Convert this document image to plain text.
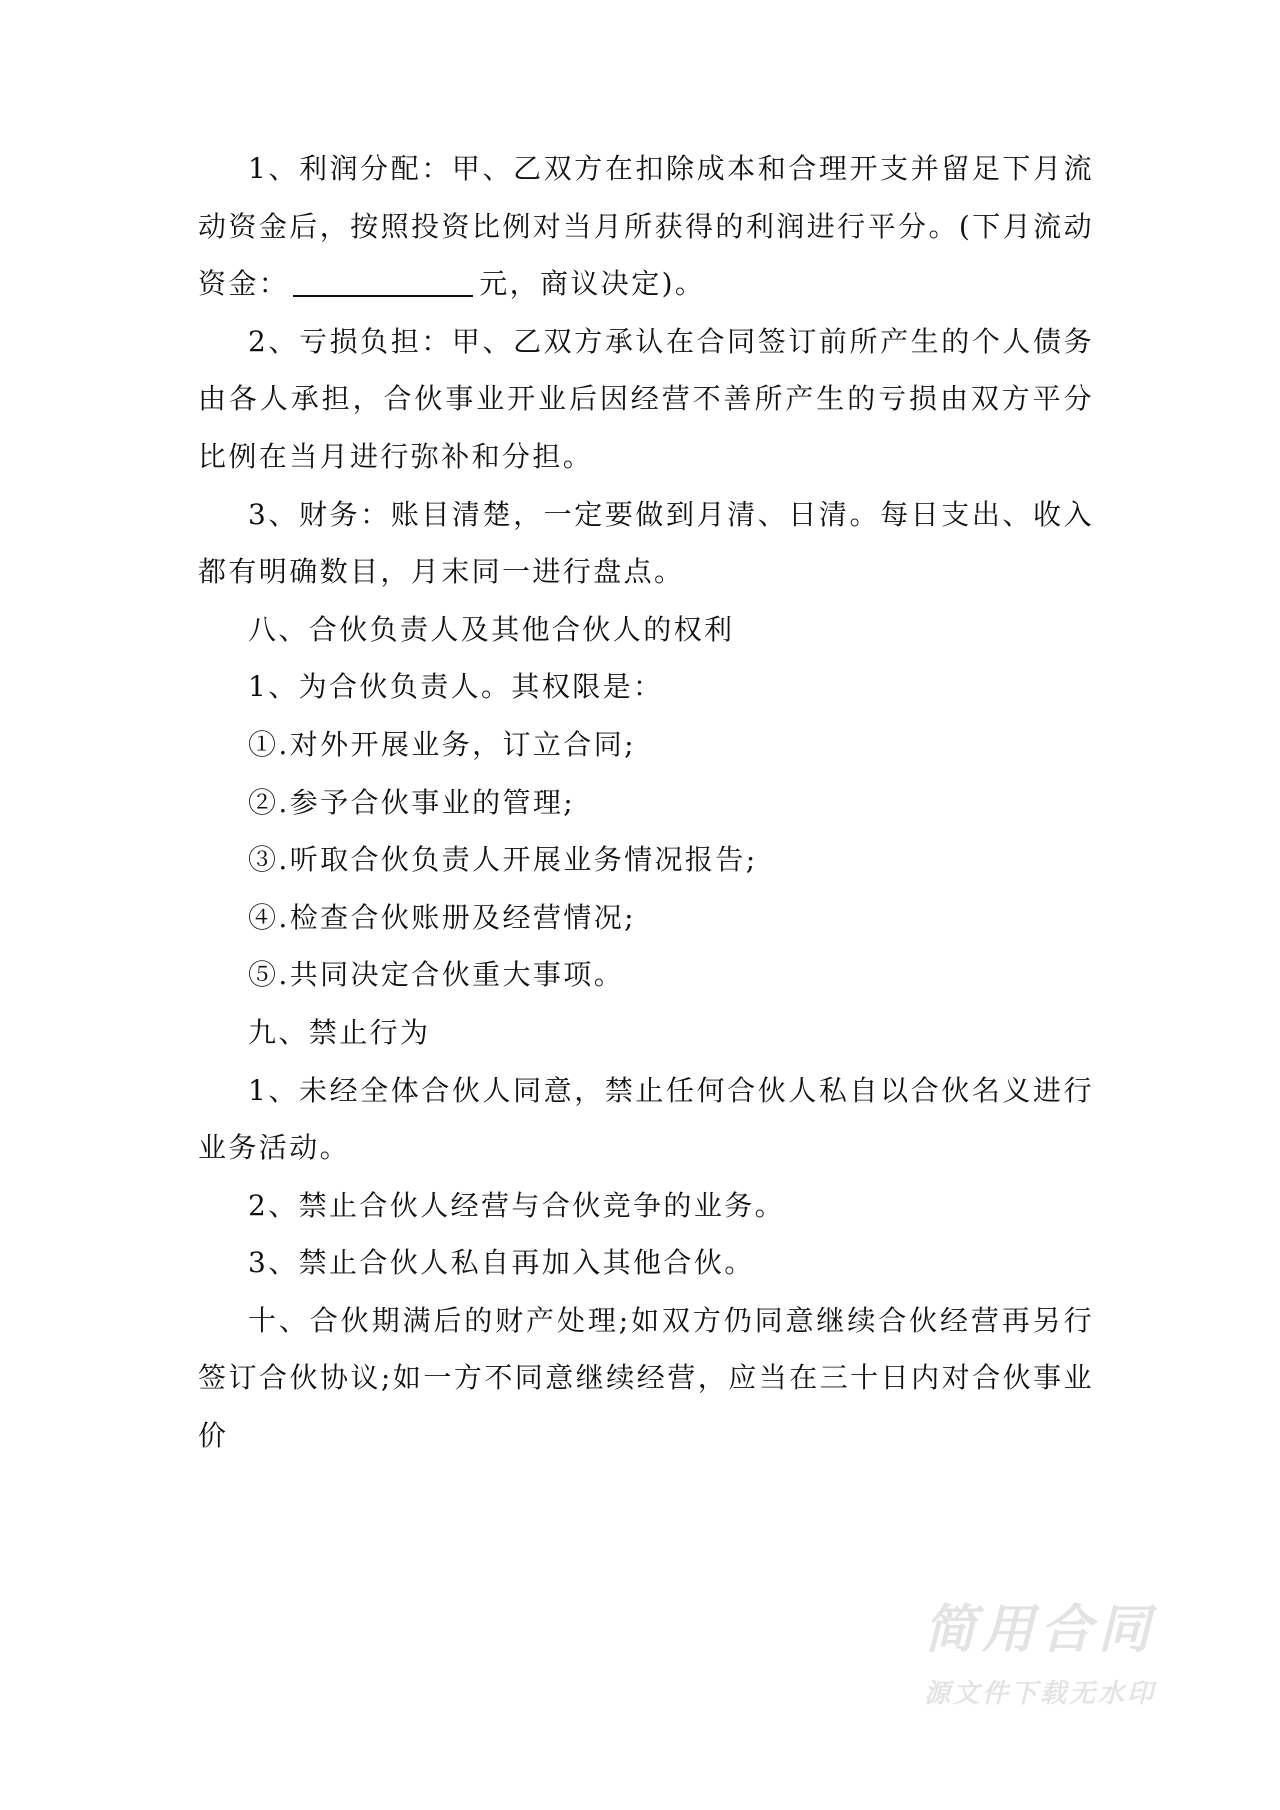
1、利润分配：甲、乙双方在扣除成本和合理开支并留足下月流动资金后，按照投资比例对当月所获得的利润进行平分。(下月流动资金：	元，商议决定)。

2、亏损负担：甲、乙双方承认在合同签订前所产生的个人债务由各人承担，合伙事业开业后因经营不善所产生的亏损由双方平分比例在当月进行弥补和分担。

3、财务：账目清楚，一定要做到月清、日清。每日支出、收入都有明确数目，月末同一进行盘点。

八、合伙负责人及其他合伙人的权利

1、为合伙负责人。其权限是：

①.对外开展业务，订立合同;

②.参予合伙事业的管理;

③.听取合伙负责人开展业务情况报告;

④.检查合伙账册及经营情况;

⑤.共同决定合伙重大事项。

九、禁止行为

1、未经全体合伙人同意，禁止任何合伙人私自以合伙名义进行业务活动。

2、禁止合伙人经营与合伙竞争的业务。

3、禁止合伙人私自再加入其他合伙。

十、合伙期满后的财产处理;如双方仍同意继续合伙经营再另行签订合伙协议;如一方不同意继续经营，应当在三十日内对合伙事业价

简用合同
源文件下载无水印
